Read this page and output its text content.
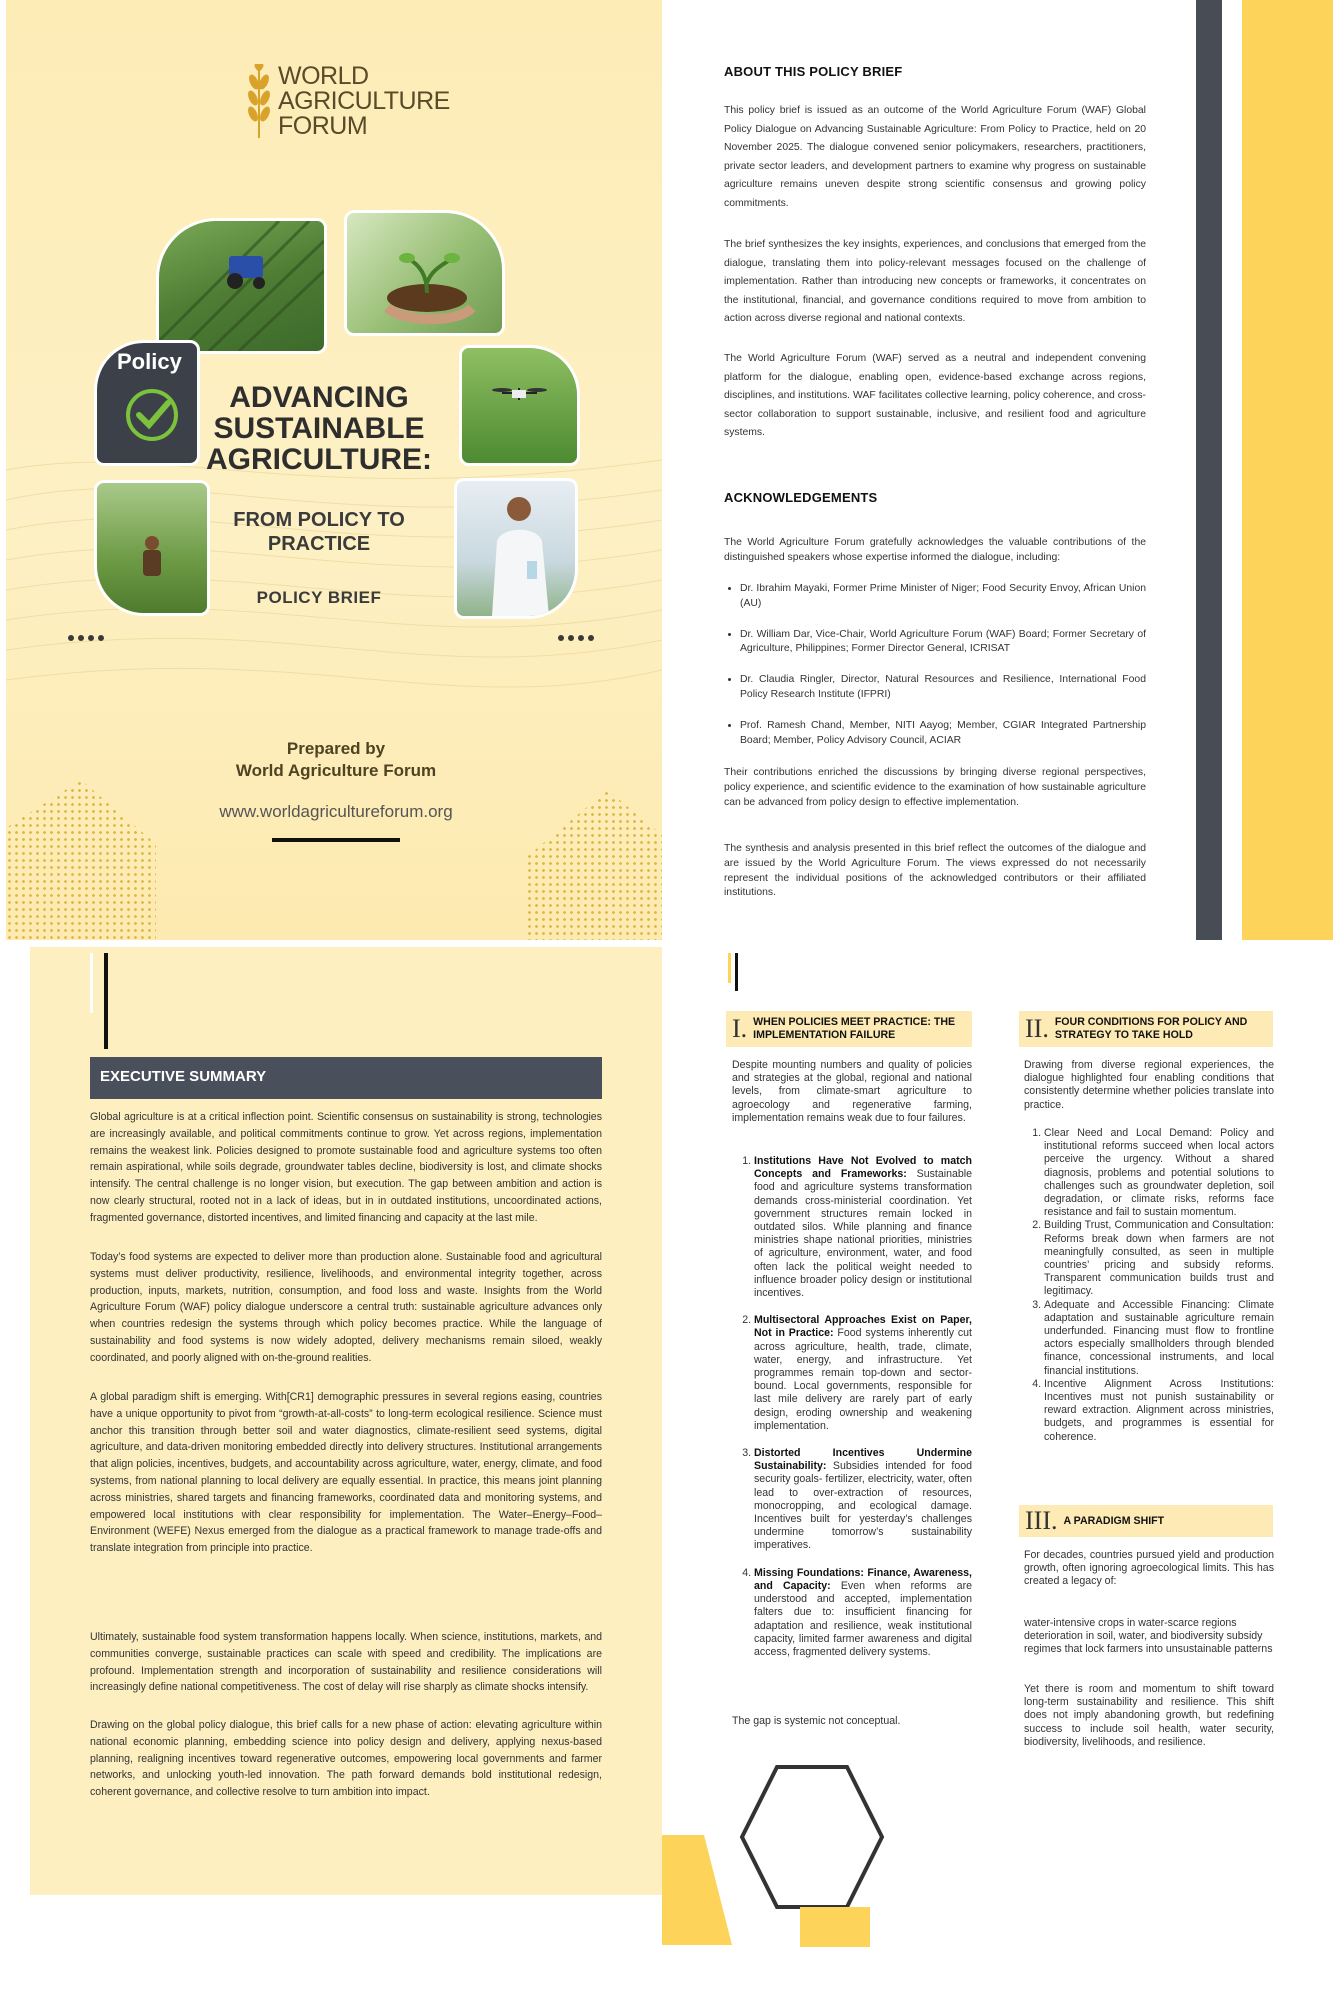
WORLD
AGRICULTURE
FORUM
Policy
ADVANCING
SUSTAINABLE
AGRICULTURE:
FROM POLICY TO
PRACTICE
POLICY BRIEF
Prepared by
World Agriculture Forum
www.worldagricultureforum.org
ABOUT THIS POLICY BRIEF
This policy brief is issued as an outcome of the World Agriculture Forum (WAF) Global Policy Dialogue on Advancing Sustainable Agriculture: From Policy to Practice, held on 20 November 2025. The dialogue convened senior policymakers, researchers, practitioners, private sector leaders, and development partners to examine why progress on sustainable agriculture remains uneven despite strong scientific consensus and growing policy commitments.
The brief synthesizes the key insights, experiences, and conclusions that emerged from the dialogue, translating them into policy-relevant messages focused on the challenge of implementation. Rather than introducing new concepts or frameworks, it concentrates on the institutional, financial, and governance conditions required to move from ambition to action across diverse regional and national contexts.
The World Agriculture Forum (WAF) served as a neutral and independent convening platform for the dialogue, enabling open, evidence-based exchange across regions, disciplines, and institutions. WAF facilitates collective learning, policy coherence, and cross-sector collaboration to support sustainable, inclusive, and resilient food and agriculture systems.
ACKNOWLEDGEMENTS
The World Agriculture Forum gratefully acknowledges the valuable contributions of the distinguished speakers whose expertise informed the dialogue, including:
• Dr. Ibrahim Mayaki, Former Prime Minister of Niger; Food Security Envoy, African Union (AU)
• Dr. William Dar, Vice-Chair, World Agriculture Forum (WAF) Board; Former Secretary of Agriculture, Philippines; Former Director General, ICRISAT
• Dr. Claudia Ringler, Director, Natural Resources and Resilience, International Food Policy Research Institute (IFPRI)
• Prof. Ramesh Chand, Member, NITI Aayog; Member, CGIAR Integrated Partnership Board; Member, Policy Advisory Council, ACIAR
Their contributions enriched the discussions by bringing diverse regional perspectives, policy experience, and scientific evidence to the examination of how sustainable agriculture can be advanced from policy design to effective implementation.
The synthesis and analysis presented in this brief reflect the outcomes of the dialogue and are issued by the World Agriculture Forum. The views expressed do not necessarily represent the individual positions of the acknowledged contributors or their affiliated institutions.
EXECUTIVE SUMMARY
Global agriculture is at a critical inflection point. Scientific consensus on sustainability is strong, technologies are increasingly available, and political commitments continue to grow. Yet across regions, implementation remains the weakest link. Policies designed to promote sustainable food and agriculture systems too often remain aspirational, while soils degrade, groundwater tables decline, biodiversity is lost, and climate shocks intensify. The central challenge is no longer vision, but execution. The gap between ambition and action is now clearly structural, rooted not in a lack of ideas, but in in outdated institutions, uncoordinated actions, fragmented governance, distorted incentives, and limited financing and capacity at the last mile.
Today’s food systems are expected to deliver more than production alone. Sustainable food and agricultural systems must deliver productivity, resilience, livelihoods, and environmental integrity together, across production, inputs, markets, nutrition, consumption, and food loss and waste. Insights from the World Agriculture Forum (WAF) policy dialogue underscore a central truth: sustainable agriculture advances only when countries redesign the systems through which policy becomes practice. While the language of sustainability and food systems is now widely adopted, delivery mechanisms remain siloed, weakly coordinated, and poorly aligned with on-the-ground realities.
A global paradigm shift is emerging. With[CR1] demographic pressures in several regions easing, countries have a unique opportunity to pivot from “growth-at-all-costs” to long-term ecological resilience. Science must anchor this transition through better soil and water diagnostics, climate-resilient seed systems, digital agriculture, and data-driven monitoring embedded directly into delivery structures. Institutional arrangements that align policies, incentives, budgets, and accountability across agriculture, water, energy, climate, and food systems, from national planning to local delivery are equally essential. In practice, this means joint planning across ministries, shared targets and financing frameworks, coordinated data and monitoring systems, and empowered local institutions with clear responsibility for implementation. The Water–Energy–Food–Environment (WEFE) Nexus emerged from the dialogue as a practical framework to manage trade-offs and translate integration from principle into practice.
Ultimately, sustainable food system transformation happens locally. When science, institutions, markets, and communities converge, sustainable practices can scale with speed and credibility. The implications are profound. Implementation strength and incorporation of sustainability and resilience considerations will increasingly define national competitiveness. The cost of delay will rise sharply as climate shocks intensify.
Drawing on the global policy dialogue, this brief calls for a new phase of action: elevating agriculture within national economic planning, embedding science into policy design and delivery, applying nexus-based planning, realigning incentives toward regenerative outcomes, empowering local governments and farmer networks, and unlocking youth-led innovation. The path forward demands bold institutional redesign, coherent governance, and collective resolve to turn ambition into impact.
I. WHEN POLICIES MEET PRACTICE: THE IMPLEMENTATION FAILURE
Despite mounting numbers and quality of policies and strategies at the global, regional and national levels, from climate-smart agriculture to agroecology and regenerative farming, implementation remains weak due to four failures.
1. Institutions Have Not Evolved to match Concepts and Frameworks: Sustainable food and agriculture systems transformation demands cross-ministerial coordination. Yet government structures remain locked in outdated silos. While planning and finance ministries shape national priorities, ministries of agriculture, environment, water, and food often lack the political weight needed to influence broader policy design or institutional incentives.
2. Multisectoral Approaches Exist on Paper, Not in Practice: Food systems inherently cut across agriculture, health, trade, climate, water, energy, and infrastructure. Yet programmes remain top-down and sector-bound. Local governments, responsible for last mile delivery are rarely part of early design, eroding ownership and weakening implementation.
3. Distorted Incentives Undermine Sustainability: Subsidies intended for food security goals- fertilizer, electricity, water, often lead to over-extraction of resources, monocropping, and ecological damage. Incentives built for yesterday’s challenges undermine tomorrow’s sustainability imperatives.
4. Missing Foundations: Finance, Awareness, and Capacity: Even when reforms are understood and accepted, implementation falters due to: insufficient financing for adaptation and resilience, weak institutional capacity, limited farmer awareness and digital access, fragmented delivery systems.
The gap is systemic not conceptual.
II. FOUR CONDITIONS FOR POLICY AND STRATEGY TO TAKE HOLD
Drawing from diverse regional experiences, the dialogue highlighted four enabling conditions that consistently determine whether policies translate into practice.
1. Clear Need and Local Demand: Policy and institutional reforms succeed when local actors perceive the urgency. Without a shared diagnosis, problems and potential solutions to challenges such as groundwater depletion, soil degradation, or climate risks, reforms face resistance and fail to sustain momentum.
2. Building Trust, Communication and Consultation: Reforms break down when farmers are not meaningfully consulted, as seen in multiple countries’ pricing and subsidy reforms. Transparent communication builds trust and legitimacy.
3. Adequate and Accessible Financing: Climate adaptation and sustainable agriculture remain underfunded. Financing must flow to frontline actors especially smallholders through blended finance, concessional instruments, and local financial institutions.
4. Incentive Alignment Across Institutions: Incentives must not punish sustainability or reward extraction. Alignment across ministries, budgets, and programmes is essential for coherence.
III. A PARADIGM SHIFT
For decades, countries pursued yield and production growth, often ignoring agroecological limits. This has created a legacy of:
water-intensive crops in water-scarce regions deterioration in soil, water, and biodiversity subsidy regimes that lock farmers into unsustainable patterns
Yet there is room and momentum to shift toward long-term sustainability and resilience. This shift does not imply abandoning growth, but redefining success to include soil health, water security, biodiversity, livelihoods, and resilience.
